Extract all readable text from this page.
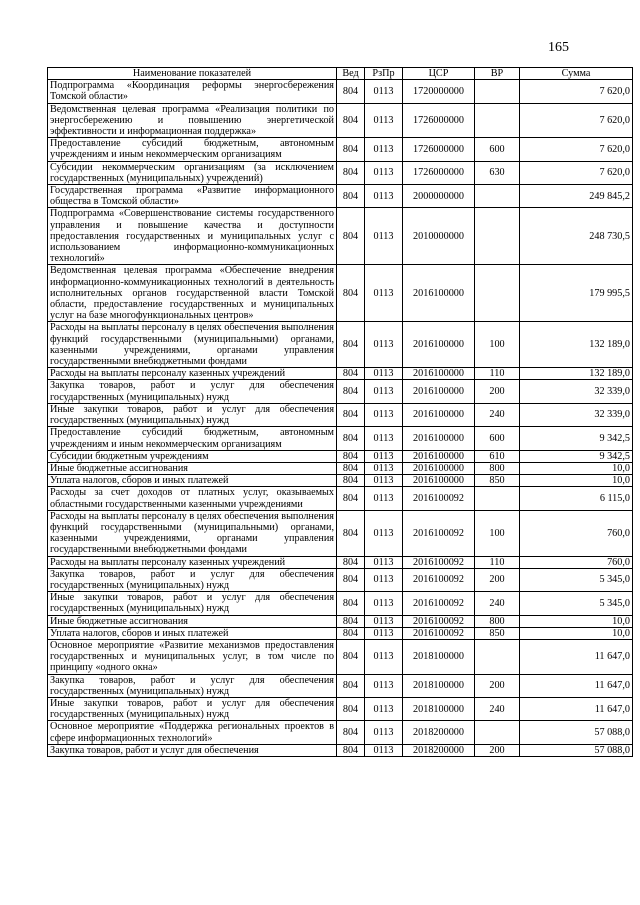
165
Наименование показателей	Вед	РзПр	ЦСР	ВР	Сумма
Подпрограмма «Координация реформы энергосбережения Томской области»	804	0113	1720000000		7 620,0
Ведомственная целевая программа «Реализация политики по энергосбережению и повышению энергетической эффективности и информационная поддержка»	804	0113	1726000000		7 620,0
Предоставление субсидий бюджетным, автономным учреждениям и иным некоммерческим организациям	804	0113	1726000000	600	7 620,0
Субсидии некоммерческим организациям (за исключением государственных (муниципальных) учреждений)	804	0113	1726000000	630	7 620,0
Государственная программа «Развитие информационного общества в Томской области»	804	0113	2000000000		249 845,2
Подпрограмма «Совершенствование системы государственного управления и повышение качества и доступности предоставления государственных и муниципальных услуг с использованием информационно-коммуникационных технологий»	804	0113	2010000000		248 730,5
Ведомственная целевая программа «Обеспечение внедрения информационно-коммуникационных технологий в деятельность исполнительных органов государственной власти Томской области, предоставление государственных и муниципальных услуг на базе многофункциональных центров»	804	0113	2016100000		179 995,5
Расходы на выплаты персоналу в целях обеспечения выполнения функций государственными (муниципальными) органами, казенными учреждениями, органами управления государственными внебюджетными фондами	804	0113	2016100000	100	132 189,0
Расходы на выплаты персоналу казенных учреждений	804	0113	2016100000	110	132 189,0
Закупка товаров, работ и услуг для обеспечения государственных (муниципальных) нужд	804	0113	2016100000	200	32 339,0
Иные закупки товаров, работ и услуг для обеспечения государственных (муниципальных) нужд	804	0113	2016100000	240	32 339,0
Предоставление субсидий бюджетным, автономным учреждениям и иным некоммерческим организациям	804	0113	2016100000	600	9 342,5
Субсидии бюджетным учреждениям	804	0113	2016100000	610	9 342,5
Иные бюджетные ассигнования	804	0113	2016100000	800	10,0
Уплата налогов, сборов и иных платежей	804	0113	2016100000	850	10,0
Расходы за счет доходов от платных услуг, оказываемых областными государственными казенными учреждениями	804	0113	2016100092		6 115,0
Расходы на выплаты персоналу в целях обеспечения выполнения функций государственными (муниципальными) органами, казенными учреждениями, органами управления государственными внебюджетными фондами	804	0113	2016100092	100	760,0
Расходы на выплаты персоналу казенных учреждений	804	0113	2016100092	110	760,0
Закупка товаров, работ и услуг для обеспечения государственных (муниципальных) нужд	804	0113	2016100092	200	5 345,0
Иные закупки товаров, работ и услуг для обеспечения государственных (муниципальных) нужд	804	0113	2016100092	240	5 345,0
Иные бюджетные ассигнования	804	0113	2016100092	800	10,0
Уплата налогов, сборов и иных платежей	804	0113	2016100092	850	10,0
Основное мероприятие «Развитие механизмов предоставления государственных и муниципальных услуг, в том числе по принципу «одного окна»	804	0113	2018100000		11 647,0
Закупка товаров, работ и услуг для обеспечения государственных (муниципальных) нужд	804	0113	2018100000	200	11 647,0
Иные закупки товаров, работ и услуг для обеспечения государственных (муниципальных) нужд	804	0113	2018100000	240	11 647,0
Основное мероприятие «Поддержка региональных проектов в сфере информационных технологий»	804	0113	2018200000		57 088,0
Закупка товаров, работ и услуг для обеспечения	804	0113	2018200000	200	57 088,0
